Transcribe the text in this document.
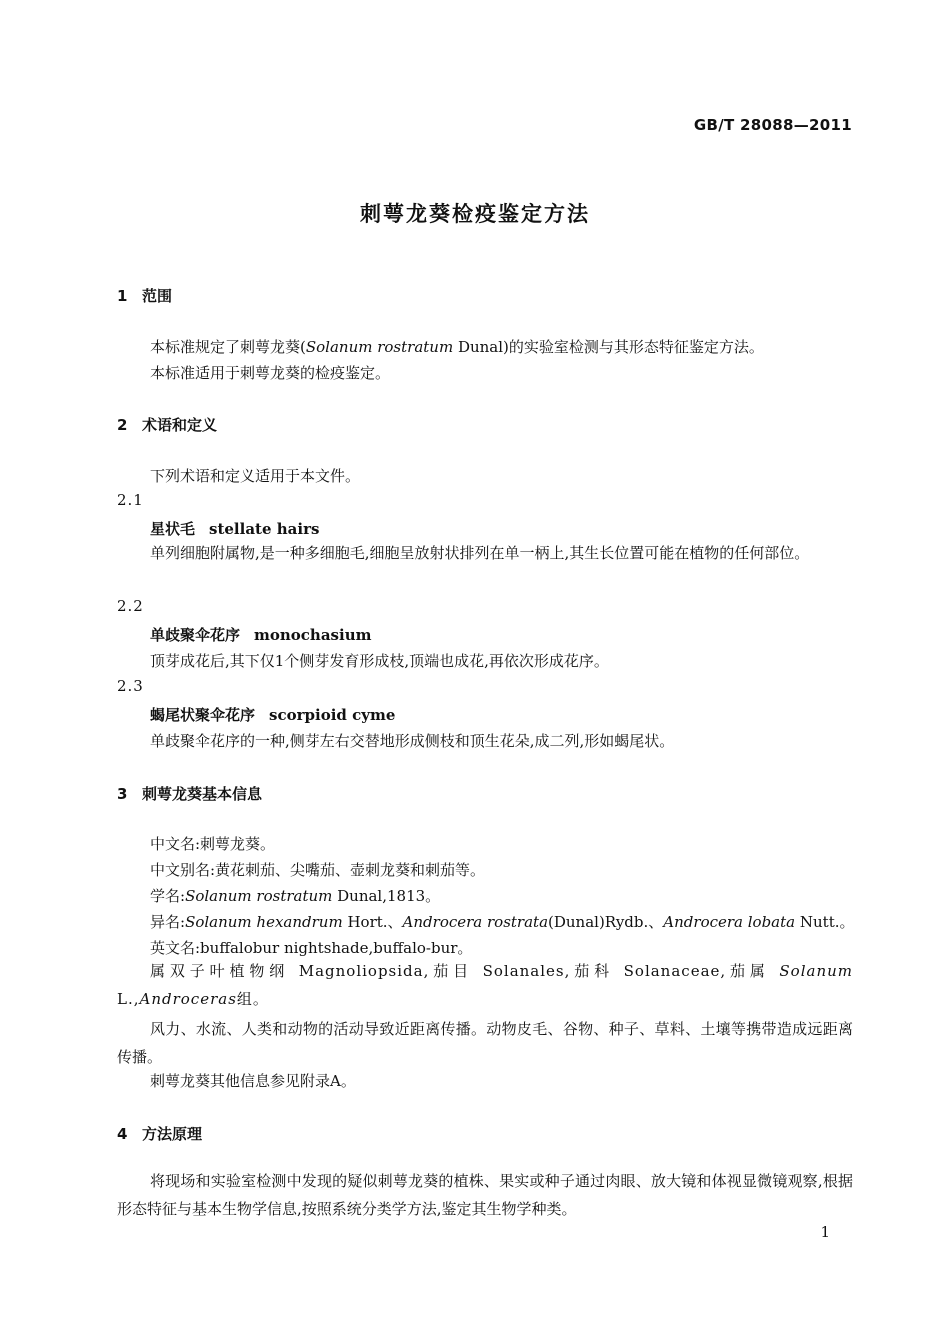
GB/T 28088—2011
刺萼龙葵检疫鉴定方法
1 范围
本标准规定了刺萼龙葵(Solanum rostratum Dunal)的实验室检测与其形态特征鉴定方法。
本标准适用于刺萼龙葵的检疫鉴定。
2 术语和定义
下列术语和定义适用于本文件。
2.1
星状毛 stellate hairs
单列细胞附属物,是一种多细胞毛,细胞呈放射状排列在单一柄上,其生长位置可能在植物的任何部位。
2.2
单歧聚伞花序 monochasium
顶芽成花后,其下仅1个侧芽发育形成枝,顶端也成花,再依次形成花序。
2.3
蝎尾状聚伞花序 scorpioid cyme
单歧聚伞花序的一种,侧芽左右交替地形成侧枝和顶生花朵,成二列,形如蝎尾状。
3 刺萼龙葵基本信息
中文名:刺萼龙葵。
中文别名:黄花刺茄、尖嘴茄、壶刺龙葵和刺茄等。
学名:Solanum rostratum Dunal,1813。
异名:Solanum hexandrum Hort.、Androcera rostrata(Dunal)Rydb.、Androcera lobata Nutt.。
英文名:buffalobur nightshade,buffalo-bur。
属双子叶植物纲 Magnoliopsida,茄目 Solanales,茄科 Solanaceae,茄属 Solanum L.,Androceras组。
风力、水流、人类和动物的活动导致近距离传播。动物皮毛、谷物、种子、草料、土壤等携带造成远距离传播。
刺萼龙葵其他信息参见附录A。
4 方法原理
将现场和实验室检测中发现的疑似刺萼龙葵的植株、果实或种子通过肉眼、放大镜和体视显微镜观察,根据形态特征与基本生物学信息,按照系统分类学方法,鉴定其生物学种类。
1
